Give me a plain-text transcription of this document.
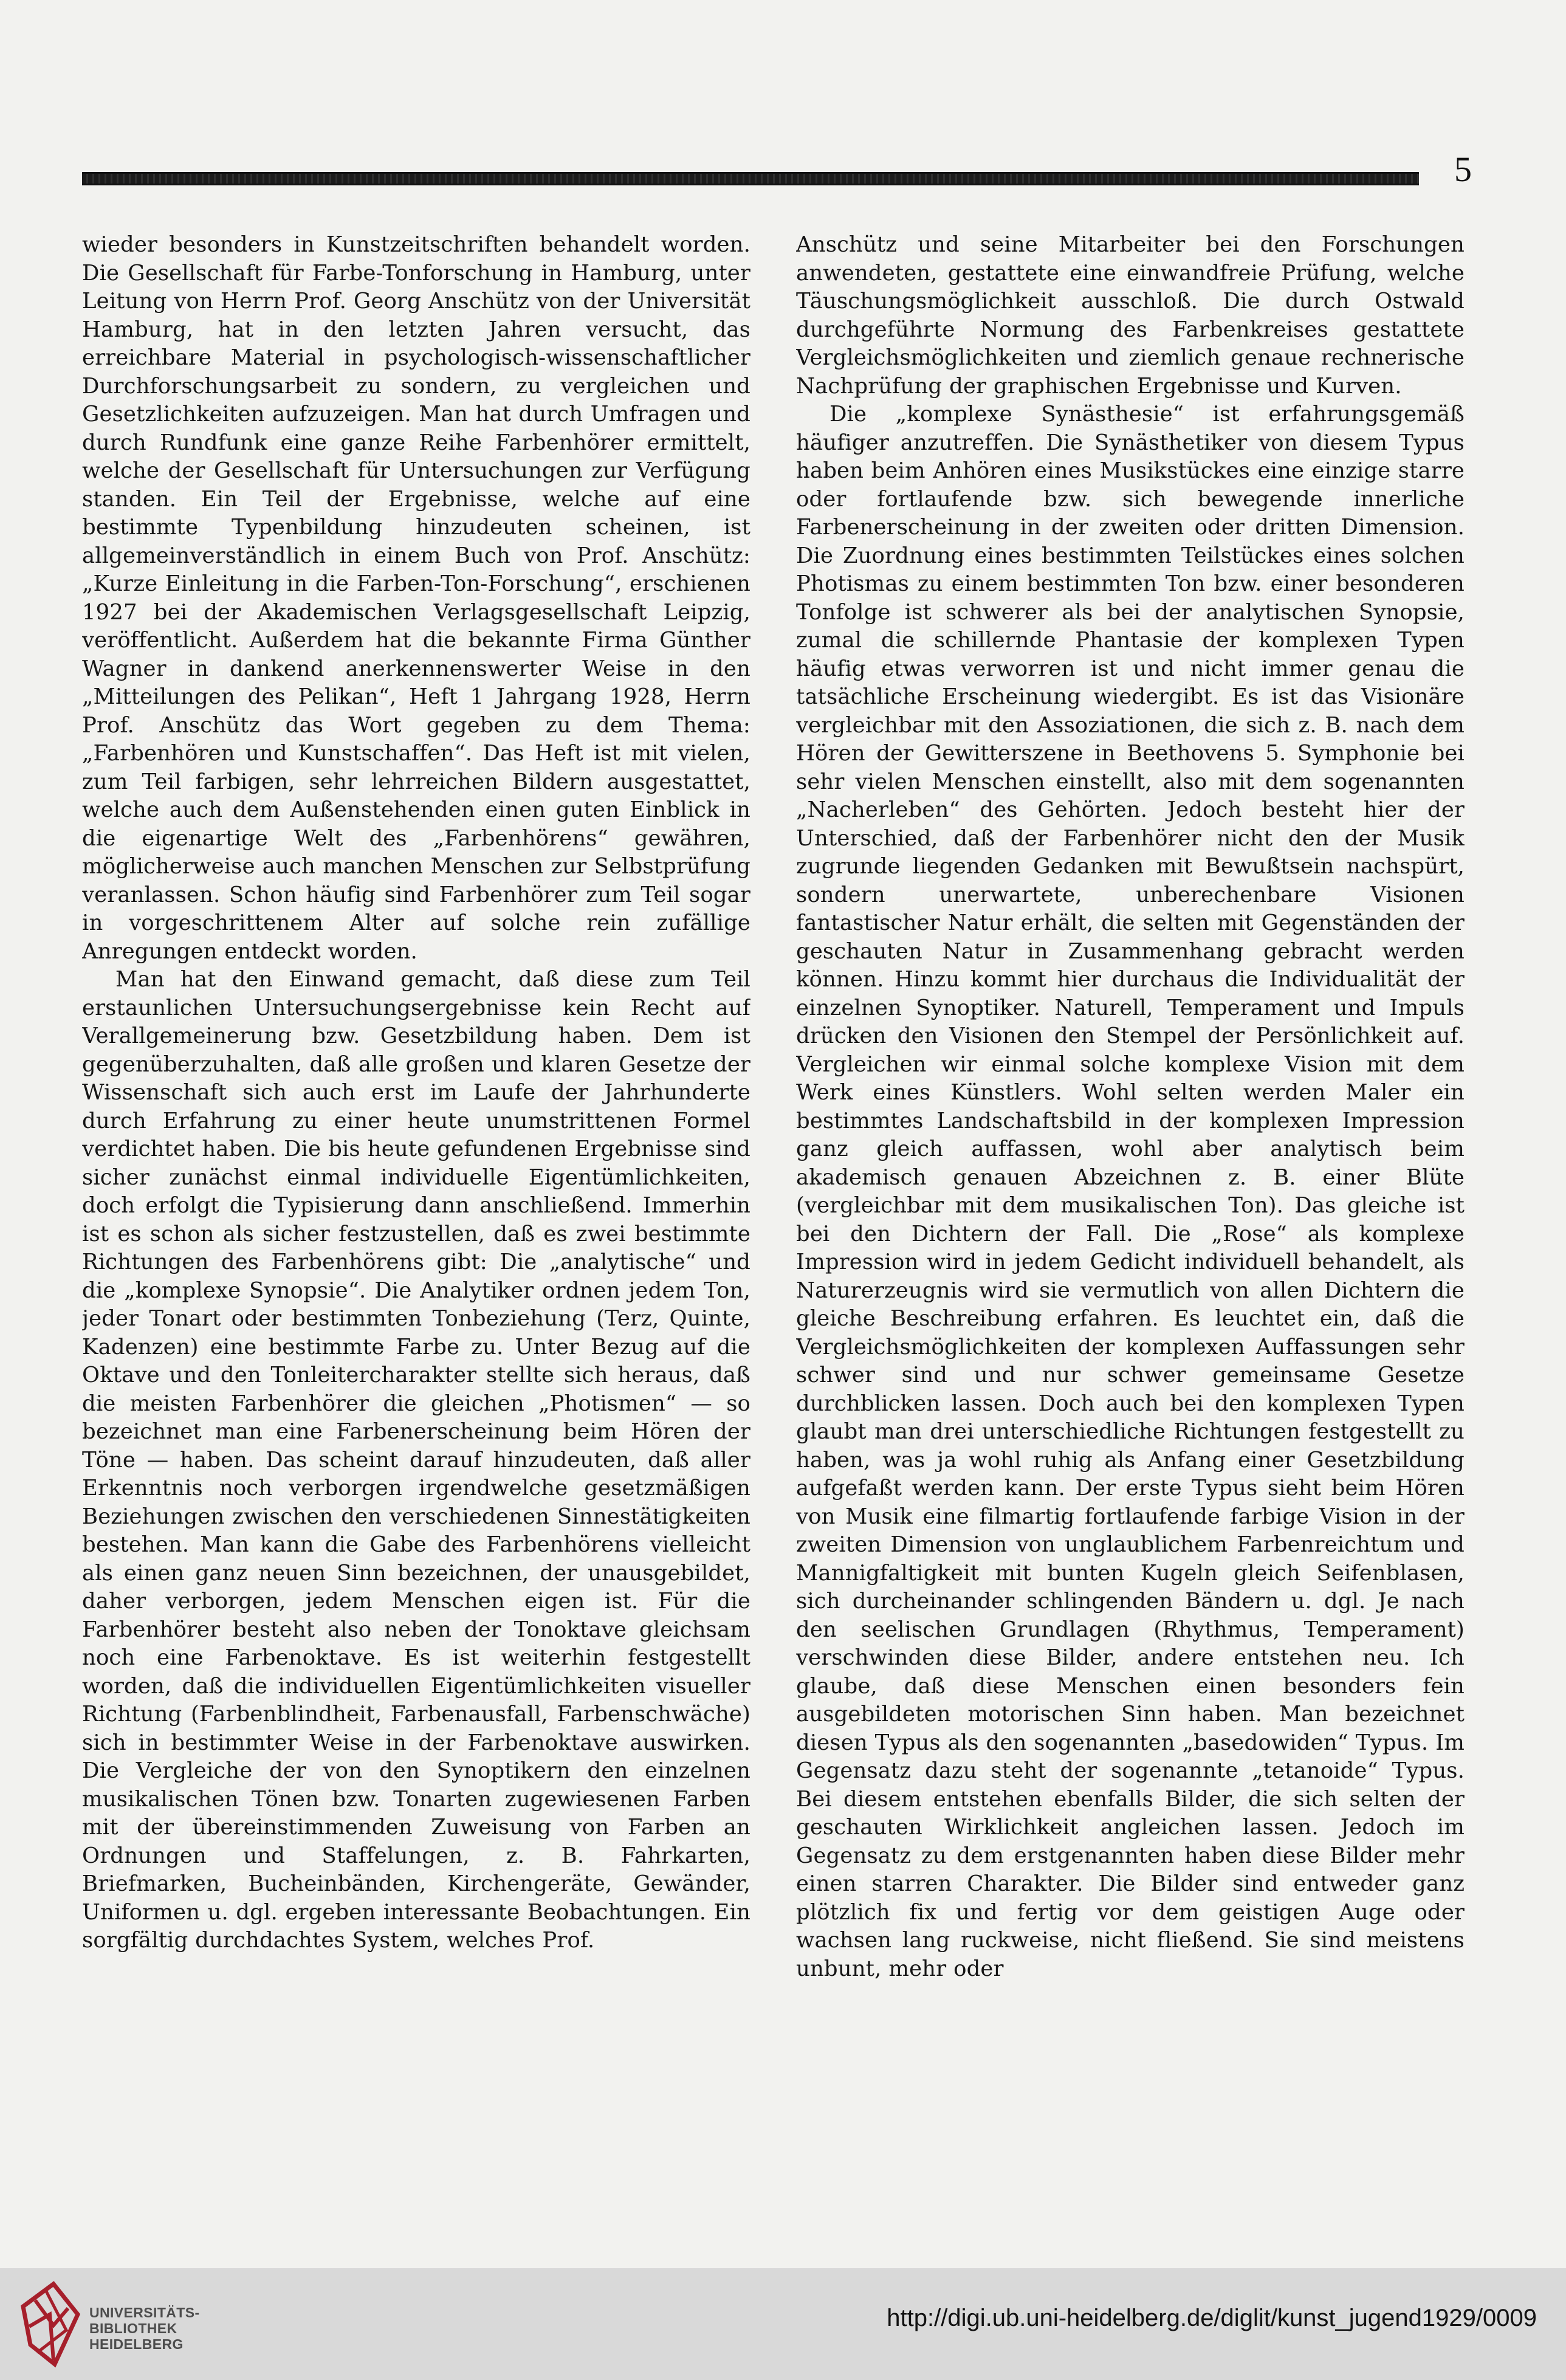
5

wieder besonders in Kunstzeitschriften behandelt worden. Die Gesellschaft für Farbe-Tonforschung in Hamburg, unter Leitung von Herrn Prof. Georg Anschütz von der Universität Hamburg, hat in den letzten Jahren versucht, das erreichbare Material in psychologisch-wissenschaftlicher Durchforschungsarbeit zu sondern, zu vergleichen und Gesetzlichkeiten aufzuzeigen. Man hat durch Umfragen und durch Rundfunk eine ganze Reihe Farbenhörer ermittelt, welche der Gesellschaft für Untersuchungen zur Verfügung standen. Ein Teil der Ergebnisse, welche auf eine bestimmte Typenbildung hinzudeuten scheinen, ist allgemeinverständlich in einem Buch von Prof. Anschütz: „Kurze Einleitung in die Farben-Ton-Forschung“, erschienen 1927 bei der Akademischen Verlagsgesellschaft Leipzig, veröffentlicht. Außerdem hat die bekannte Firma Günther Wagner in dankend anerkennenswerter Weise in den „Mitteilungen des Pelikan“, Heft 1 Jahrgang 1928, Herrn Prof. Anschütz das Wort gegeben zu dem Thema: „Farbenhören und Kunstschaffen“. Das Heft ist mit vielen, zum Teil farbigen, sehr lehrreichen Bildern ausgestattet, welche auch dem Außenstehenden einen guten Einblick in die eigenartige Welt des „Farbenhörens“ gewähren, möglicherweise auch manchen Menschen zur Selbstprüfung veranlassen. Schon häufig sind Farbenhörer zum Teil sogar in vorgeschrittenem Alter auf solche rein zufällige Anregungen entdeckt worden.

Man hat den Einwand gemacht, daß diese zum Teil erstaunlichen Untersuchungsergebnisse kein Recht auf Verallgemeinerung bzw. Gesetzbildung haben. Dem ist gegenüberzuhalten, daß alle großen und klaren Gesetze der Wissenschaft sich auch erst im Laufe der Jahrhunderte durch Erfahrung zu einer heute unumstrittenen Formel verdichtet haben. Die bis heute gefundenen Ergebnisse sind sicher zunächst einmal individuelle Eigentümlichkeiten, doch erfolgt die Typisierung dann anschließend. Immerhin ist es schon als sicher festzustellen, daß es zwei bestimmte Richtungen des Farbenhörens gibt: Die „analytische“ und die „komplexe Synopsie“. Die Analytiker ordnen jedem Ton, jeder Tonart oder bestimmten Tonbeziehung (Terz, Quinte, Kadenzen) eine bestimmte Farbe zu. Unter Bezug auf die Oktave und den Tonleitercharakter stellte sich heraus, daß die meisten Farbenhörer die gleichen „Photismen“ — so bezeichnet man eine Farbenerscheinung beim Hören der Töne — haben. Das scheint darauf hinzudeuten, daß aller Erkenntnis noch verborgen irgendwelche gesetzmäßigen Beziehungen zwischen den verschiedenen Sinnestätigkeiten bestehen. Man kann die Gabe des Farbenhörens vielleicht als einen ganz neuen Sinn bezeichnen, der unausgebildet, daher verborgen, jedem Menschen eigen ist. Für die Farbenhörer besteht also neben der Tonoktave gleichsam noch eine Farbenoktave. Es ist weiterhin festgestellt worden, daß die individuellen Eigentümlichkeiten visueller Richtung (Farbenblindheit, Farbenausfall, Farbenschwäche) sich in bestimmter Weise in der Farbenoktave auswirken. Die Vergleiche der von den Synoptikern den einzelnen musikalischen Tönen bzw. Tonarten zugewiesenen Farben mit der übereinstimmenden Zuweisung von Farben an Ordnungen und Staffelungen, z. B. Fahrkarten, Briefmarken, Bucheinbänden, Kirchengeräte, Gewänder, Uniformen u. dgl. ergeben interessante Beobachtungen. Ein sorgfältig durchdachtes System, welches Prof.

Anschütz und seine Mitarbeiter bei den Forschungen anwendeten, gestattete eine einwandfreie Prüfung, welche Täuschungsmöglichkeit ausschloß. Die durch Ostwald durchgeführte Normung des Farbenkreises gestattete Vergleichsmöglichkeiten und ziemlich genaue rechnerische Nachprüfung der graphischen Ergebnisse und Kurven.

Die „komplexe Synästhesie“ ist erfahrungsgemäß häufiger anzutreffen. Die Synästhetiker von diesem Typus haben beim Anhören eines Musikstückes eine einzige starre oder fortlaufende bzw. sich bewegende innerliche Farbenerscheinung in der zweiten oder dritten Dimension. Die Zuordnung eines bestimmten Teilstückes eines solchen Photismas zu einem bestimmten Ton bzw. einer besonderen Tonfolge ist schwerer als bei der analytischen Synopsie, zumal die schillernde Phantasie der komplexen Typen häufig etwas verworren ist und nicht immer genau die tatsächliche Erscheinung wiedergibt. Es ist das Visionäre vergleichbar mit den Assoziationen, die sich z. B. nach dem Hören der Gewitterszene in Beethovens 5. Symphonie bei sehr vielen Menschen einstellt, also mit dem sogenannten „Nacherleben“ des Gehörten. Jedoch besteht hier der Unterschied, daß der Farbenhörer nicht den der Musik zugrunde liegenden Gedanken mit Bewußtsein nachspürt, sondern unerwartete, unberechenbare Visionen fantastischer Natur erhält, die selten mit Gegenständen der geschauten Natur in Zusammenhang gebracht werden können. Hinzu kommt hier durchaus die Individualität der einzelnen Synoptiker. Naturell, Temperament und Impuls drücken den Visionen den Stempel der Persönlichkeit auf. Vergleichen wir einmal solche komplexe Vision mit dem Werk eines Künstlers. Wohl selten werden Maler ein bestimmtes Landschaftsbild in der komplexen Impression ganz gleich auffassen, wohl aber analytisch beim akademisch genauen Abzeichnen z. B. einer Blüte (vergleichbar mit dem musikalischen Ton). Das gleiche ist bei den Dichtern der Fall. Die „Rose“ als komplexe Impression wird in jedem Gedicht individuell behandelt, als Naturerzeugnis wird sie vermutlich von allen Dichtern die gleiche Beschreibung erfahren. Es leuchtet ein, daß die Vergleichsmöglichkeiten der komplexen Auffassungen sehr schwer sind und nur schwer gemeinsame Gesetze durchblicken lassen. Doch auch bei den komplexen Typen glaubt man drei unterschiedliche Richtungen festgestellt zu haben, was ja wohl ruhig als Anfang einer Gesetzbildung aufgefaßt werden kann. Der erste Typus sieht beim Hören von Musik eine filmartig fortlaufende farbige Vision in der zweiten Dimension von unglaublichem Farbenreichtum und Mannigfaltigkeit mit bunten Kugeln gleich Seifenblasen, sich durcheinander schlingenden Bändern u. dgl. Je nach den seelischen Grundlagen (Rhythmus, Temperament) verschwinden diese Bilder, andere entstehen neu. Ich glaube, daß diese Menschen einen besonders fein ausgebildeten motorischen Sinn haben. Man bezeichnet diesen Typus als den sogenannten „basedowiden“ Typus. Im Gegensatz dazu steht der sogenannte „tetanoide“ Typus. Bei diesem entstehen ebenfalls Bilder, die sich selten der geschauten Wirklichkeit angleichen lassen. Jedoch im Gegensatz zu dem erstgenannten haben diese Bilder mehr einen starren Charakter. Die Bilder sind entweder ganz plötzlich fix und fertig vor dem geistigen Auge oder wachsen lang ruckweise, nicht fließend. Sie sind meistens unbunt, mehr oder

UNIVERSITÄTS-
BIBLIOTHEK
HEIDELBERG
http://digi.ub.uni-heidelberg.de/diglit/kunst_jugend1929/0009
